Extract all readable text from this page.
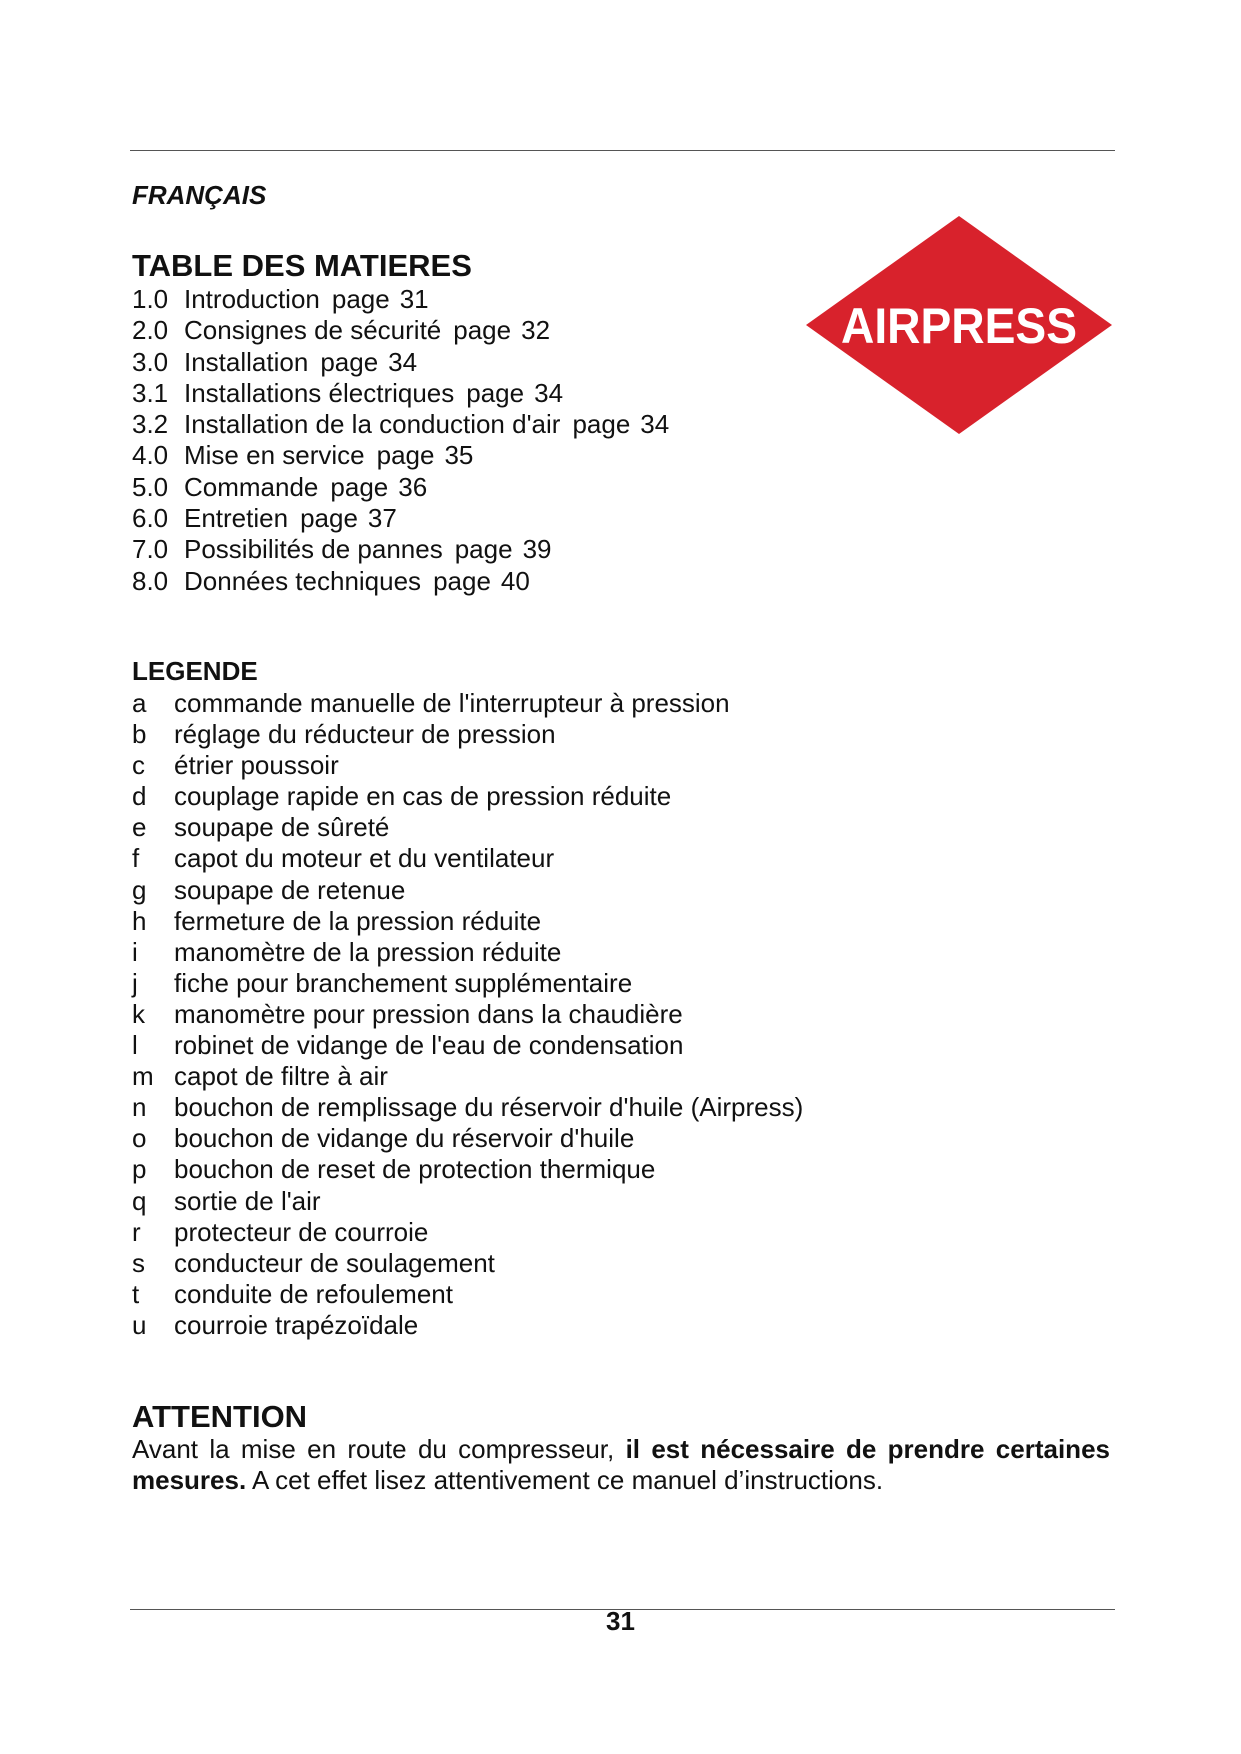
FRANÇAIS
TABLE DES MATIERES
1.0 Introduction page 31
2.0 Consignes de sécurité page 32
3.0 Installation page 34
3.1 Installations électriques page 34
3.2 Installation de la conduction d'air page 34
4.0 Mise en service page 35
5.0 Commande page 36
6.0 Entretien page 37
7.0 Possibilités de pannes page 39
8.0 Données techniques page 40
AIRPRESS
LEGENDE
a commande manuelle de l'interrupteur à pression
b réglage du réducteur de pression
c étrier poussoir
d couplage rapide en cas de pression réduite
e soupape de sûreté
f capot du moteur et du ventilateur
g soupape de retenue
h fermeture de la pression réduite
i manomètre de la pression réduite
j fiche pour branchement supplémentaire
k manomètre pour pression dans la chaudière
l robinet de vidange de l'eau de condensation
m capot de filtre à air
n bouchon de remplissage du réservoir d'huile (Airpress)
o bouchon de vidange du réservoir d'huile
p bouchon de reset de protection thermique
q sortie de l'air
r protecteur de courroie
s conducteur de soulagement
t conduite de refoulement
u courroie trapézoïdale
ATTENTION

Avant la mise en route du compresseur, il est nécessaire de prendre certaines mesures. A cet effet lisez attentivement ce manuel d’instructions.

31
